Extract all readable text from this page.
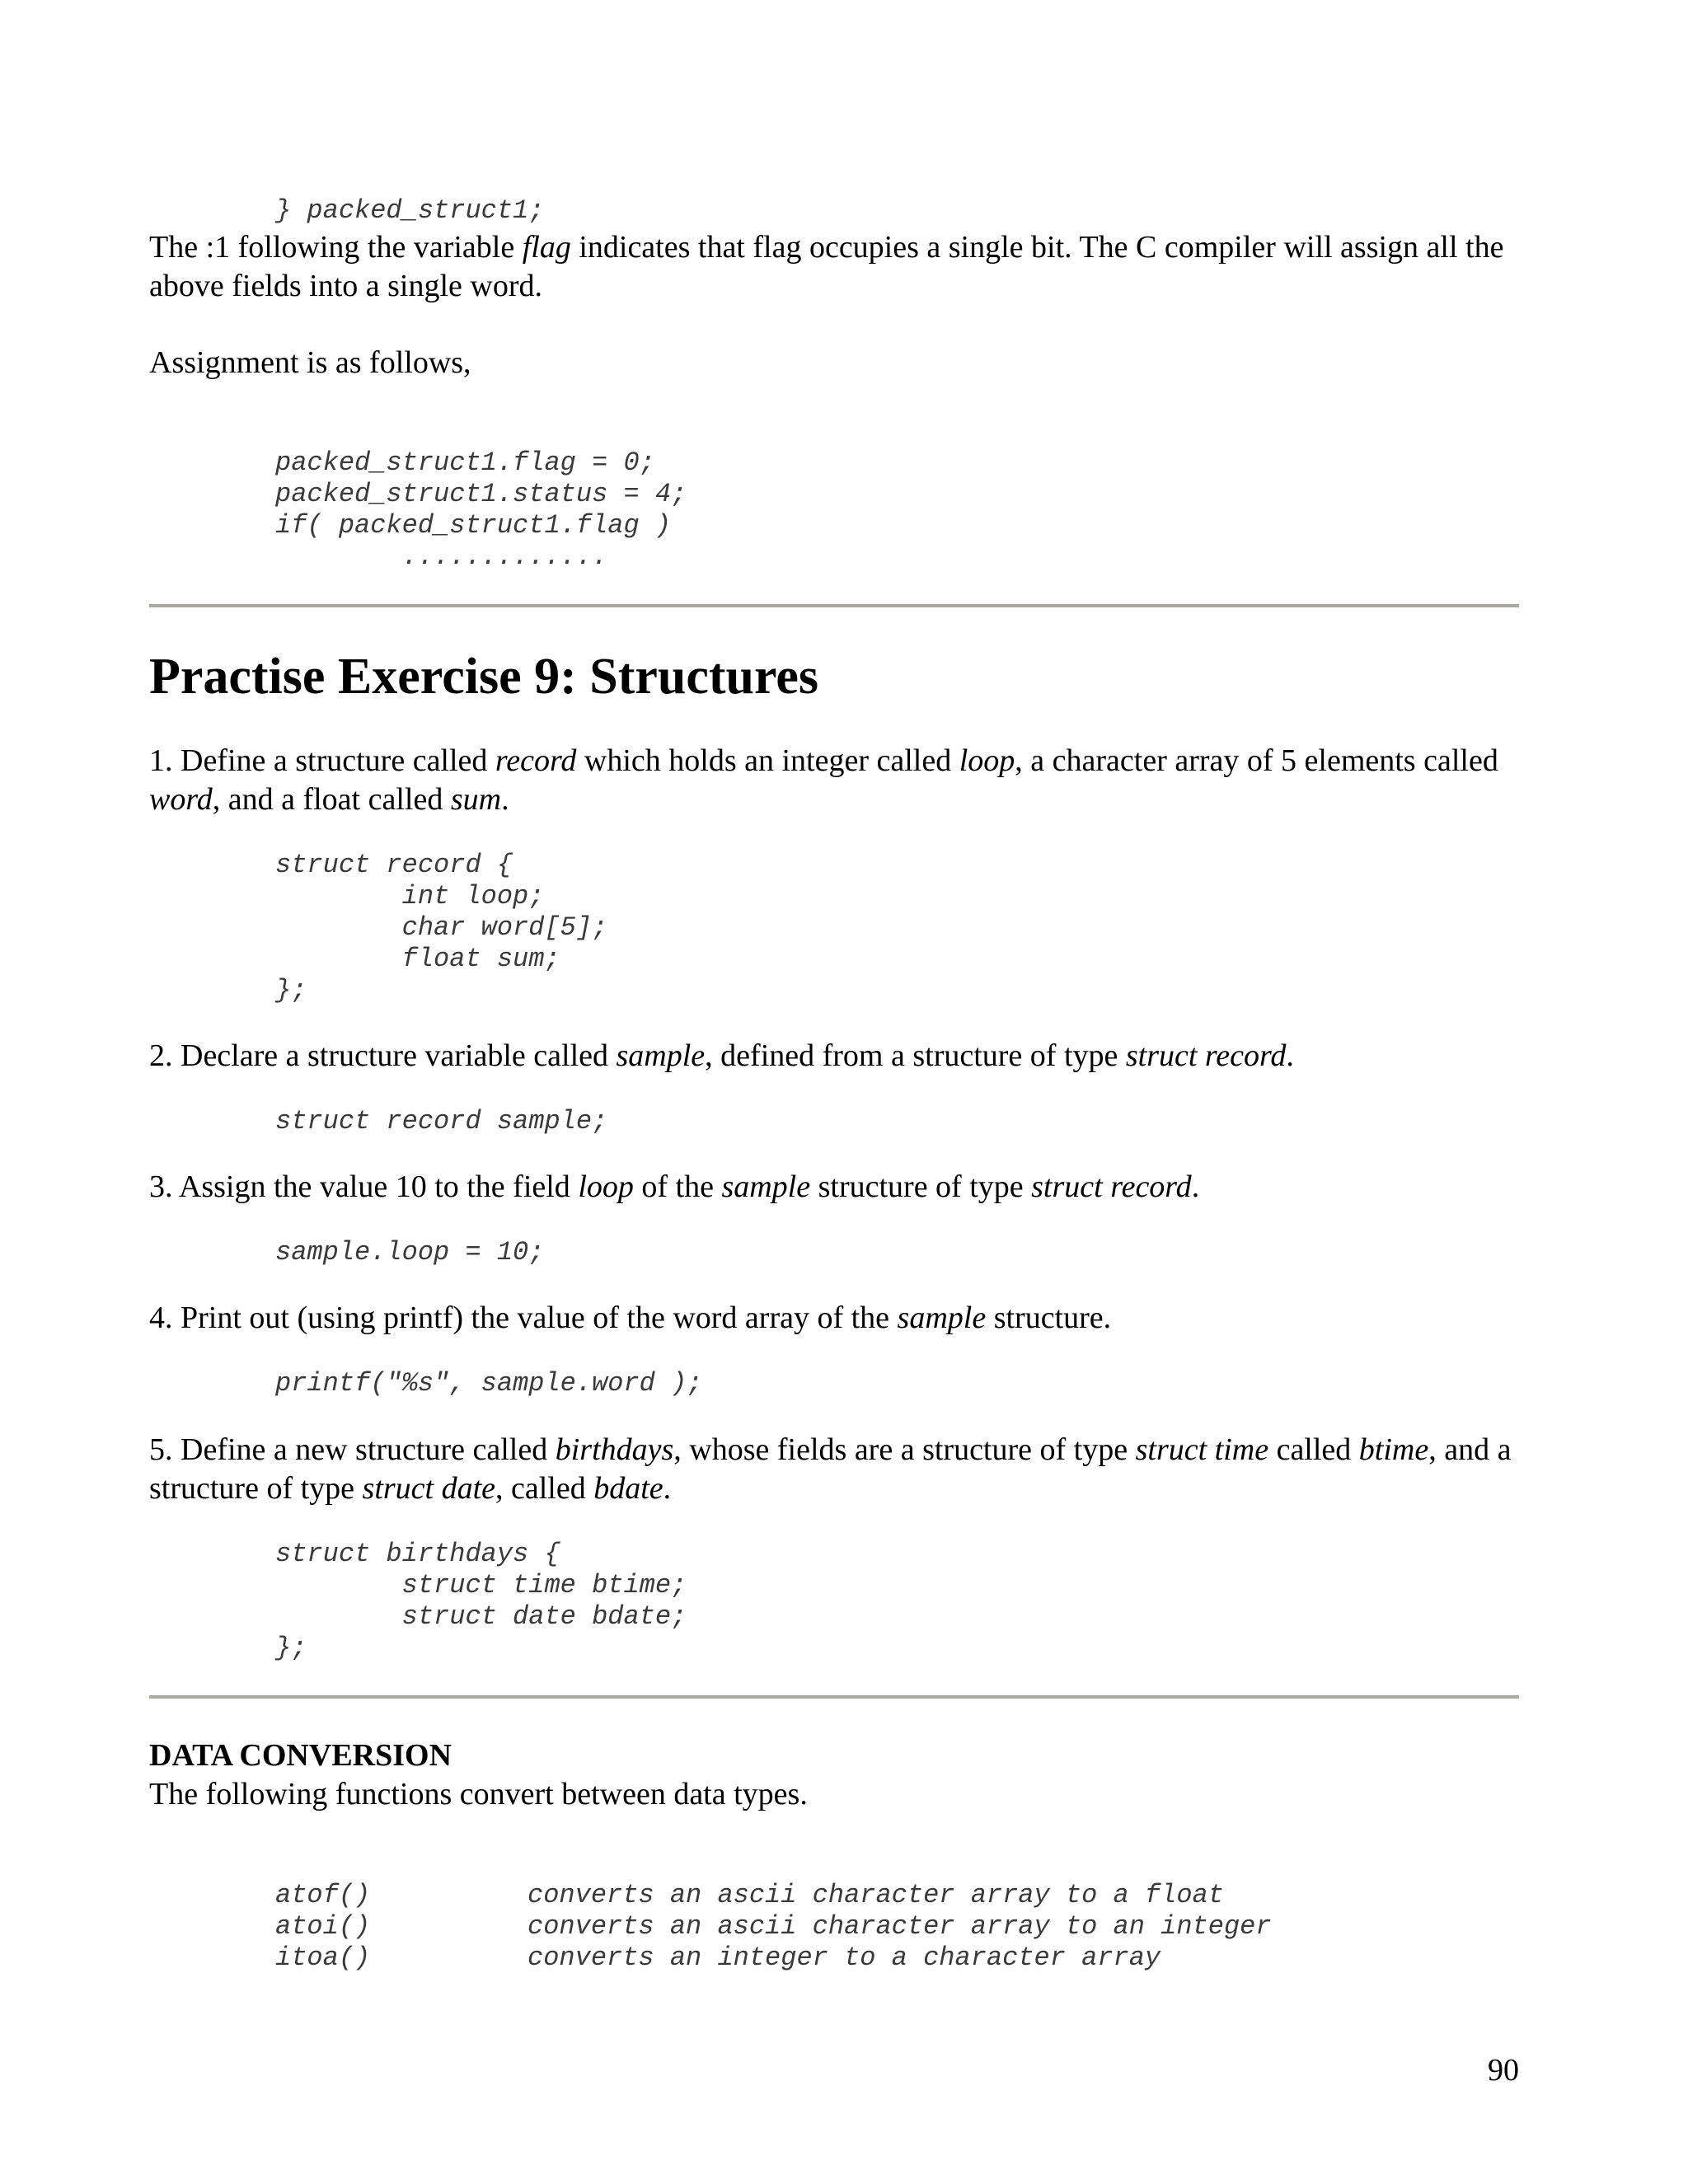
} packed_struct1;

The :1 following the variable flag indicates that flag occupies a single bit. The C compiler will assign all the above fields into a single word.

Assignment is as follows,

packed_struct1.flag = 0;
packed_struct1.status = 4;
if( packed_struct1.flag )
.............
Practise Exercise 9: Structures

1. Define a structure called record which holds an integer called loop, a character array of 5 elements called word, and a float called sum.

struct record {
int loop;
char word[5];
float sum;
};

2. Declare a structure variable called sample, defined from a structure of type struct record.

struct record sample;

3. Assign the value 10 to the field loop of the sample structure of type struct record.

sample.loop = 10;

4. Print out (using printf) the value of the word array of the sample structure.

printf("%s", sample.word );

5. Define a new structure called birthdays, whose fields are a structure of type struct time called btime, and a structure of type struct date, called bdate.

struct birthdays {
struct time btime;
struct date bdate;
};
DATA CONVERSION

The following functions convert between data types.

atof()	converts an ascii character array to a float
atoi()	converts an ascii character array to an integer
itoa()	converts an integer to a character array
90
